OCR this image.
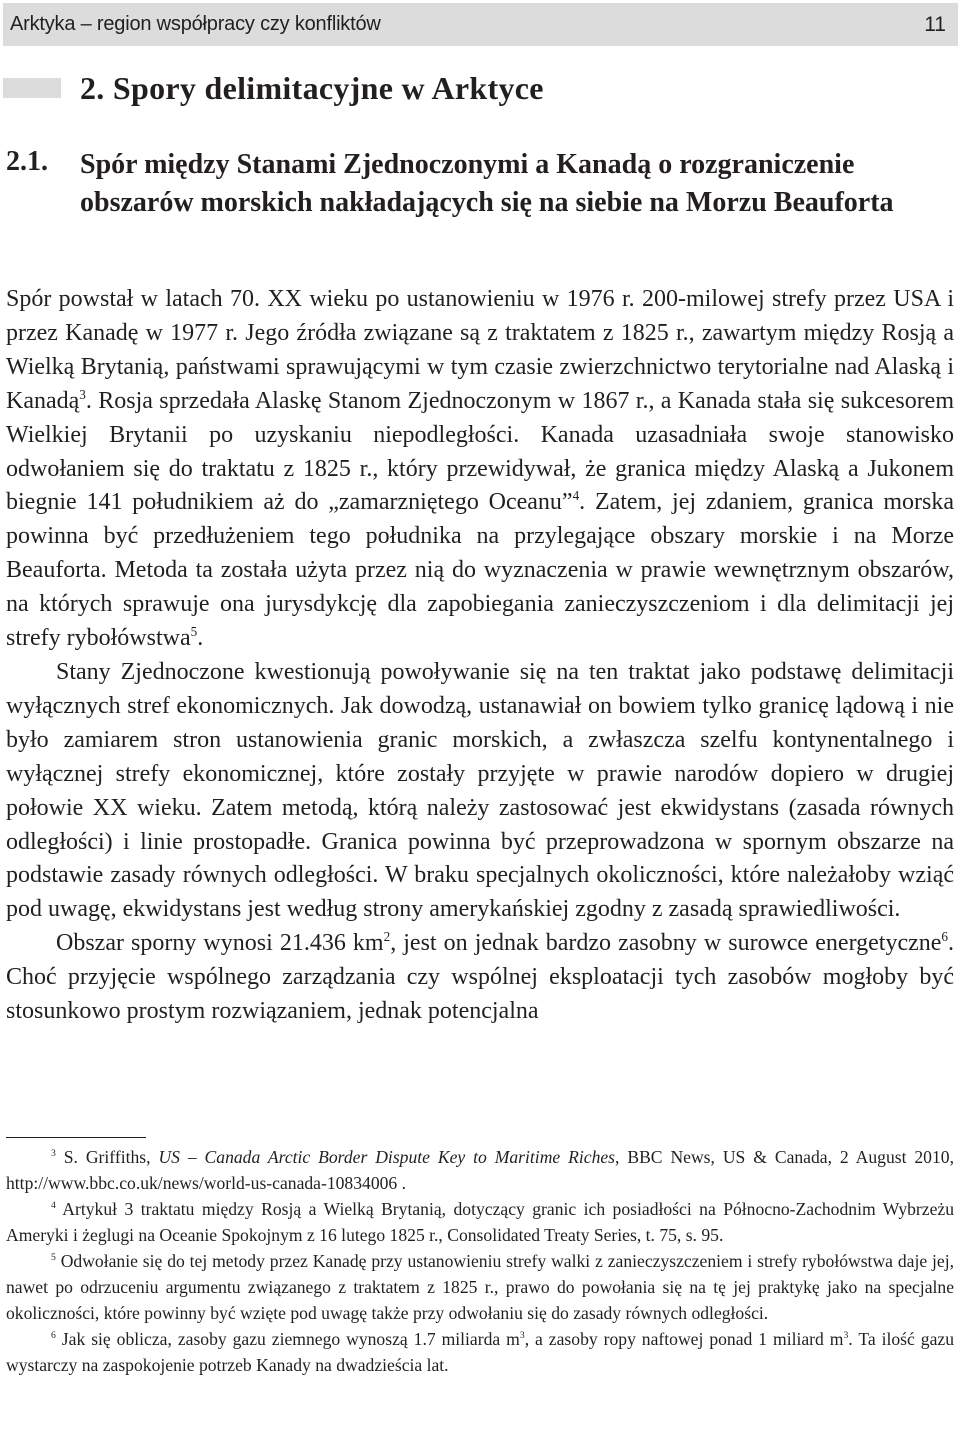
Arktyka – region współpracy czy konfliktów	11
2. Spory delimitacyjne w Arktyce
2.1. Spór między Stanami Zjednoczonymi a Kanadą o rozgraniczenie obszarów morskich nakładających się na siebie na Morzu Beauforta

Spór powstał w latach 70. XX wieku po ustanowieniu w 1976 r. 200-milowej strefy przez USA i przez Kanadę w 1977 r. Jego źródła związane są z traktatem z 1825 r., zawartym między Rosją a Wielką Brytanią, państwami sprawującymi w tym czasie zwierzchnictwo terytorialne nad Alaską i Kanadą$^3$. Rosja sprzedała Alaskę Stanom Zjednoczonym w 1867 r., a Kanada stała się sukcesorem Wielkiej Brytanii po uzyskaniu niepodległości. Kanada uzasadniała swoje stanowisko odwołaniem się do traktatu z 1825 r., który przewidywał, że granica między Alaską a Jukonem biegnie 141 południkiem aż do „zamarzniętego Oceanu”$^4$. Zatem, jej zdaniem, granica morska powinna być przedłużeniem tego południka na przylegające obszary morskie i na Morze Beauforta. Metoda ta została użyta przez nią do wyznaczenia w prawie wewnętrznym obszarów, na których sprawuje ona jurysdykcję dla zapobiegania zanieczyszczeniom i dla delimitacji jej strefy rybołówstwa$^5$.

Stany Zjednoczone kwestionują powoływanie się na ten traktat jako podstawę delimitacji wyłącznych stref ekonomicznych. Jak dowodzą, ustanawiał on bowiem tylko granicę lądową i nie było zamiarem stron ustanowienia granic morskich, a zwłaszcza szelfu kontynentalnego i wyłącznej strefy ekonomicznej, które zostały przyjęte w prawie narodów dopiero w drugiej połowie XX wieku. Zatem metodą, którą należy zastosować jest ekwidystans (zasada równych odległości) i linie prostopadłe. Granica powinna być przeprowadzona w spornym obszarze na podstawie zasady równych odległości. W braku specjalnych okoliczności, które należałoby wziąć pod uwagę, ekwidystans jest według strony amerykańskiej zgodny z zasadą sprawiedliwości.

Obszar sporny wynosi 21.436 $km^2$, jest on jednak bardzo zasobny w surowce energetyczne$^6$. Choć przyjęcie wspólnego zarządzania czy wspólnej eksploatacji tych zasobów mogłoby być stosunkowo prostym rozwiązaniem, jednak potencjalna

$^3$ S. Griffiths, US – Canada Arctic Border Dispute Key to Maritime Riches, BBC News, US & Canada, 2 August 2010, http://www.bbc.co.uk/news/world-us-canada-10834006 .

$^4$ Artykuł 3 traktatu między Rosją a Wielką Brytanią, dotyczący granic ich posiadłości na Północno-Zachodnim Wybrzeżu Ameryki i żeglugi na Oceanie Spokojnym z 16 lutego 1825 r., Consolidated Treaty Series, t. 75, s. 95.

$^5$ Odwołanie się do tej metody przez Kanadę przy ustanowieniu strefy walki z zanieczyszczeniem i strefy rybołówstwa daje jej, nawet po odrzuceniu argumentu związanego z traktatem z 1825 r., prawo do powołania się na tę jej praktykę jako na specjalne okoliczności, które powinny być wzięte pod uwagę także przy odwołaniu się do zasady równych odległości.

$^6$ Jak się oblicza, zasoby gazu ziemnego wynoszą 1.7 miliarda $m^3$, a zasoby ropy naftowej ponad 1 miliard $m^3$. Ta ilość gazu wystarczy na zaspokojenie potrzeb Kanady na dwadzieścia lat.
